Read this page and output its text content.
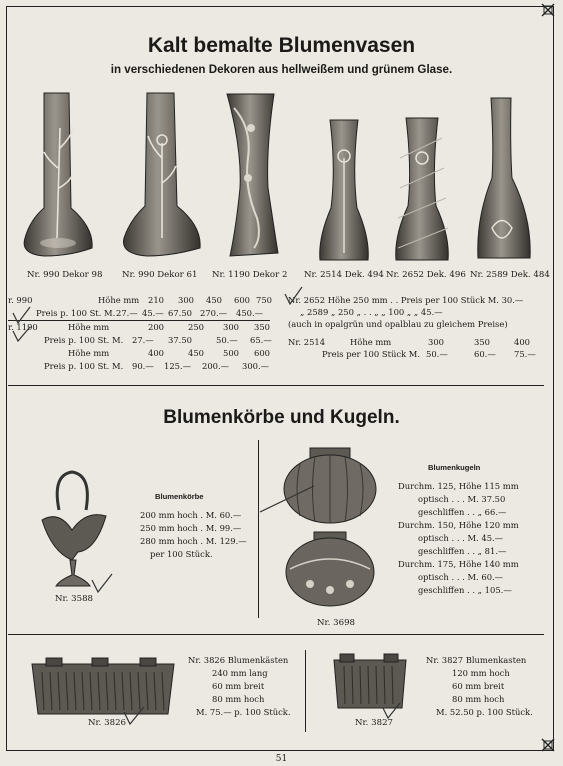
Kalt bemalte Blumenvasen
in verschiedenen Dekoren aus hellweißem und grünem Glase.
Nr. 990 Dekor 98 Nr. 990 Dekor 61 Nr. 1190 Dekor 2 Nr. 2514 Dek. 494 Nr. 2652 Dek. 496 Nr. 2589 Dek. 484
r. 990	Höhe mm 210 300 450 600 750
Preis p. 100 St. M. 27.— 45.— 67.50 270.— 450.—
r. 1190	Höhe mm	200	250 300 350
Preis p. 100 St. M. 27.— 37.50	50.— 65.—
Höhe mm	400	450 500 600
Preis p. 100 St. M. 90.— 125.— 200.— 300.—
Nr. 2652 Höhe 250 mm . . Preis per 100 Stück M. 30.—
„ 2589 „ 250 „ . . „ „ 100 „ „ 45.—
(auch in opalgrün und opalblau zu gleichem Preise)
Nr. 2514	Höhe mm	300	350	400
Preis per 100 Stück M. 50.—	60.— 75.—
Blumenkörbe und Kugeln.
Nr. 3588
Blumenkörbe
200 mm hoch . M. 60.—
250 mm hoch . M. 99.—
280 mm hoch . M. 129.—
per 100 Stück.
Nr. 3698
Blumenkugeln
Durchm. 125, Höhe 115 mm
optisch . . . M. 37.50
geschliffen . . „ 66.—
Durchm. 150, Höhe 120 mm
optisch . . . M. 45.—
geschliffen . . „ 81.—
Durchm. 175, Höhe 140 mm
optisch . . . M. 60.—
geschliffen . . „ 105.—
Nr. 3826
Nr. 3826 Blumenkästen
240 mm lang
60 mm breit
80 mm hoch
M. 75.— p. 100 Stück.
Nr. 3827
Nr. 3827 Blumenkasten
120 mm hoch
60 mm breit
80 mm hoch
M. 52.50 p. 100 Stück.
51
